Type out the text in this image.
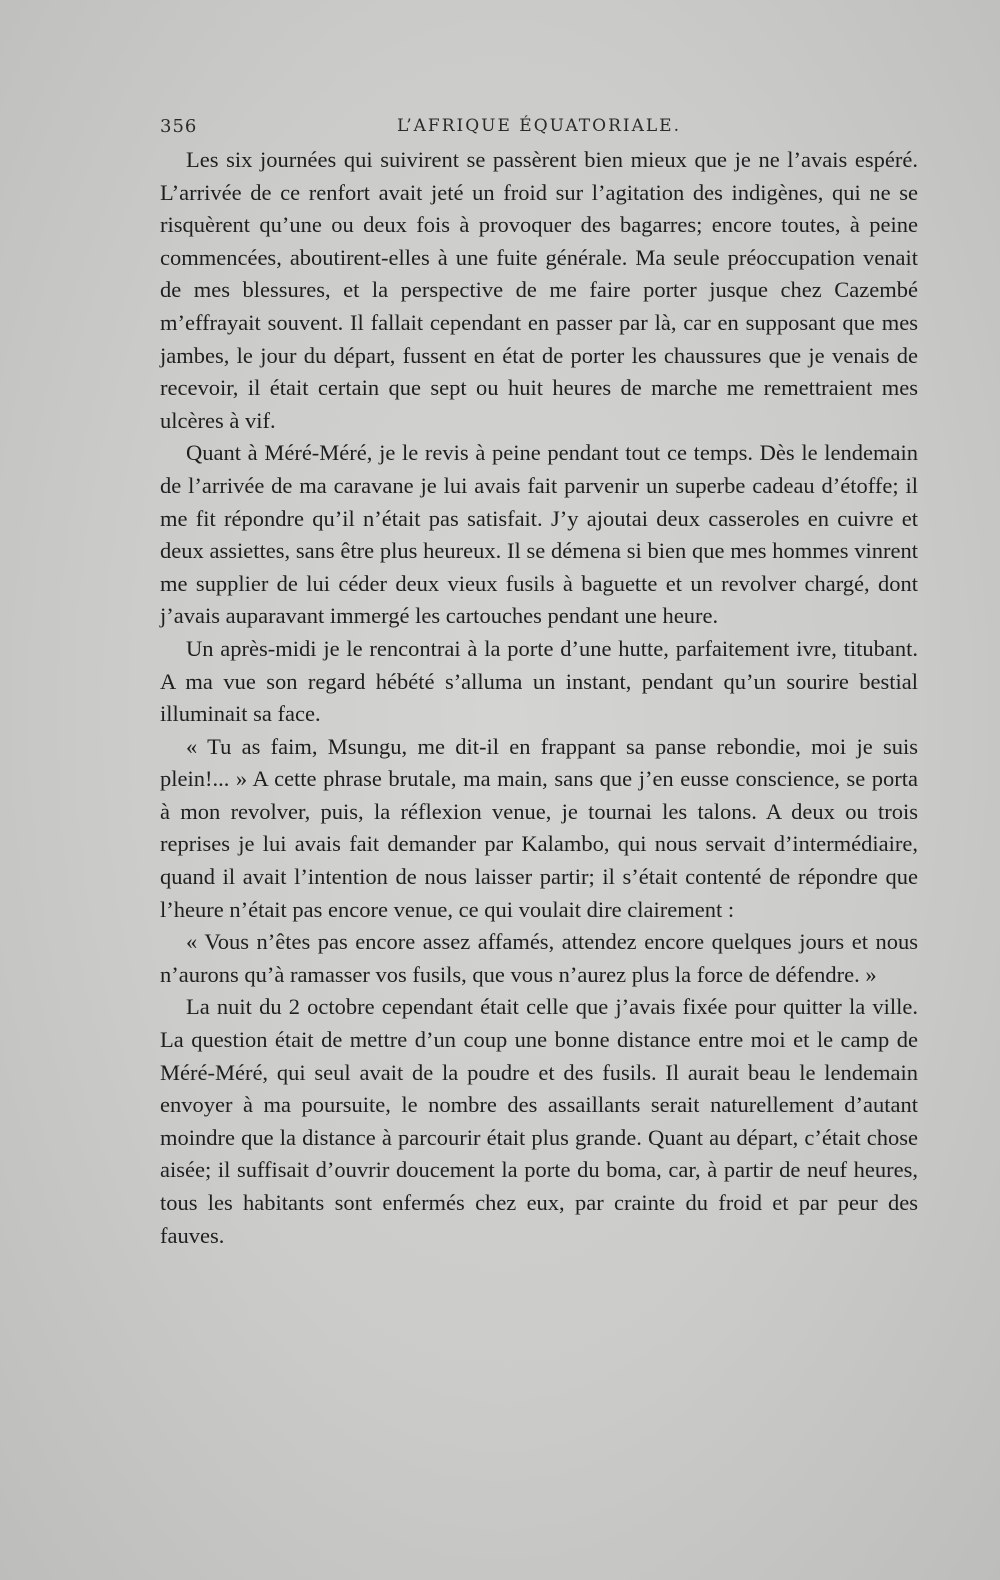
356	L’AFRIQUE ÉQUATORIALE.

Les six journées qui suivirent se passèrent bien mieux que je ne l’avais espéré. L’arrivée de ce renfort avait jeté un froid sur l’agitation des indigènes, qui ne se risquèrent qu’une ou deux fois à provoquer des bagarres; encore toutes, à peine commencées, aboutirent-elles à une fuite générale. Ma seule préoccupation venait de mes blessures, et la perspective de me faire porter jusque chez Cazembé m’effrayait souvent. Il fallait cependant en passer par là, car en supposant que mes jambes, le jour du départ, fussent en état de porter les chaussures que je venais de recevoir, il était certain que sept ou huit heures de marche me remettraient mes ulcères à vif.

Quant à Méré-Méré, je le revis à peine pendant tout ce temps. Dès le lendemain de l’arrivée de ma caravane je lui avais fait parvenir un superbe cadeau d’étoffe; il me fit répondre qu’il n’était pas satisfait. J’y ajoutai deux casseroles en cuivre et deux assiettes, sans être plus heureux. Il se démena si bien que mes hommes vinrent me supplier de lui céder deux vieux fusils à baguette et un revolver chargé, dont j’avais auparavant immergé les cartouches pendant une heure.

Un après-midi je le rencontrai à la porte d’une hutte, parfaitement ivre, titubant. A ma vue son regard hébété s’alluma un instant, pendant qu’un sourire bestial illuminait sa face.

« Tu as faim, Msungu, me dit-il en frappant sa panse rebondie, moi je suis plein!... » A cette phrase brutale, ma main, sans que j’en eusse conscience, se porta à mon revolver, puis, la réflexion venue, je tournai les talons. A deux ou trois reprises je lui avais fait demander par Kalambo, qui nous servait d’intermédiaire, quand il avait l’intention de nous laisser partir; il s’était contenté de répondre que l’heure n’était pas encore venue, ce qui voulait dire clairement :

« Vous n’êtes pas encore assez affamés, attendez encore quelques jours et nous n’aurons qu’à ramasser vos fusils, que vous n’aurez plus la force de défendre. »

La nuit du 2 octobre cependant était celle que j’avais fixée pour quitter la ville. La question était de mettre d’un coup une bonne distance entre moi et le camp de Méré-Méré, qui seul avait de la poudre et des fusils. Il aurait beau le lendemain envoyer à ma poursuite, le nombre des assaillants serait naturellement d’autant moindre que la distance à parcourir était plus grande. Quant au départ, c’était chose aisée; il suffisait d’ouvrir doucement la porte du boma, car, à partir de neuf heures, tous les habitants sont enfermés chez eux, par crainte du froid et par peur des fauves.
